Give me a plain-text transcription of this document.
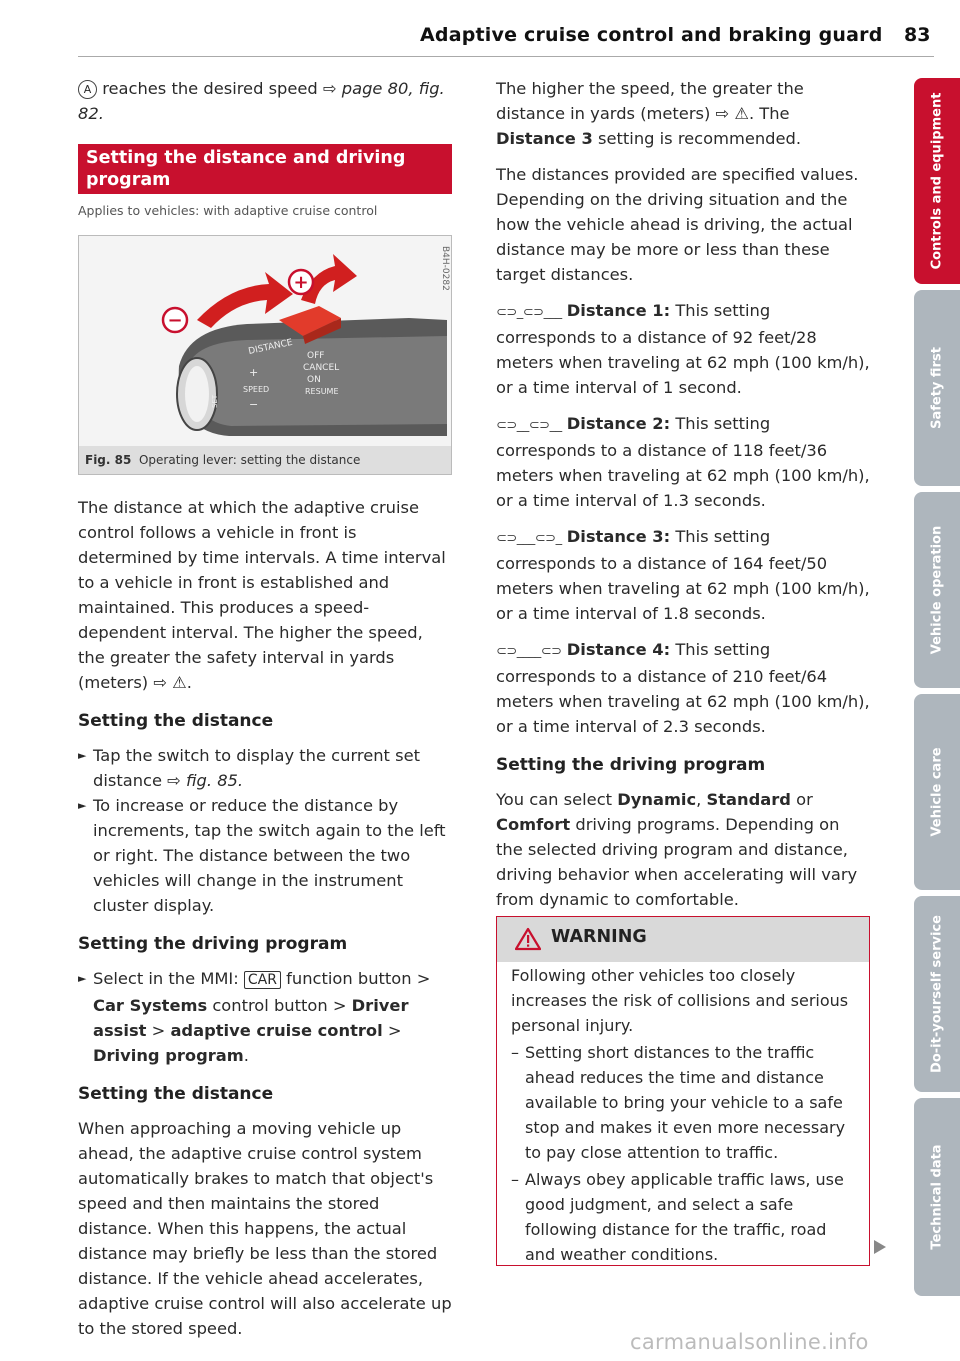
Adaptive cruise control and braking guard 83

A reaches the desired speed ⇨ page 80, fig. 82.

Setting the distance and driving program
Applies to vehicles: with adaptive cruise control
+
−
DISTANCE OFF
CANCEL
ON
RESUME
+
SPEED
−
SET
B4H-0282
Fig. 85 Operating lever: setting the distance

The distance at which the adaptive cruise control follows a vehicle in front is determined by time intervals. A time interval to a vehicle in front is established and maintained. This produces a speed-dependent interval. The higher the speed, the greater the safety interval in yards (meters) ⇨ ⚠.

Setting the distance
► Tap the switch to display the current set distance ⇨ fig. 85.
► To increase or reduce the distance by increments, tap the switch again to the left or right. The distance between the two vehicles will change in the instrument cluster display.
Setting the driving program
► Select in the MMI: CAR function button > Car Systems control button > Driver assist > adaptive cruise control > Driving program.
Setting the distance

When approaching a moving vehicle up ahead, the adaptive cruise control system automatically brakes to match that object's speed and then maintains the stored distance. When this happens, the actual distance may briefly be less than the stored distance. If the vehicle ahead accelerates, adaptive cruise control will also accelerate up to the stored speed.

The higher the speed, the greater the distance in yards (meters) ⇨ ⚠. The Distance 3 setting is recommended.

The distances provided are specified values. Depending on the driving situation and the how the vehicle ahead is driving, the actual distance may be more or less than these target distances.

⊂⊃_⊂⊃___ Distance 1: This setting corresponds to a distance of 92 feet/28 meters when traveling at 62 mph (100 km/h), or a time interval of 1 second.

⊂⊃__⊂⊃__ Distance 2: This setting corresponds to a distance of 118 feet/36 meters when traveling at 62 mph (100 km/h), or a time interval of 1.3 seconds.

⊂⊃___⊂⊃_ Distance 3: This setting corresponds to a distance of 164 feet/50 meters when traveling at 62 mph (100 km/h), or a time interval of 1.8 seconds.

⊂⊃____⊂⊃ Distance 4: This setting corresponds to a distance of 210 feet/64 meters when traveling at 62 mph (100 km/h), or a time interval of 2.3 seconds.

Setting the driving program

You can select Dynamic, Standard or Comfort driving programs. Depending on the selected driving program and distance, driving behavior when accelerating will vary from dynamic to comfortable.

WARNING

Following other vehicles too closely increases the risk of collisions and serious personal injury.

– Setting short distances to the traffic ahead reduces the time and distance available to bring your vehicle to a safe stop and makes it even more necessary to pay close attention to traffic.
– Always obey applicable traffic laws, use good judgment, and select a safe following distance for the traffic, road and weather conditions.
Controls and equipment
Safety first
Vehicle operation
Vehicle care
Do-it-yourself service
Technical data
carmanualsonline.info
